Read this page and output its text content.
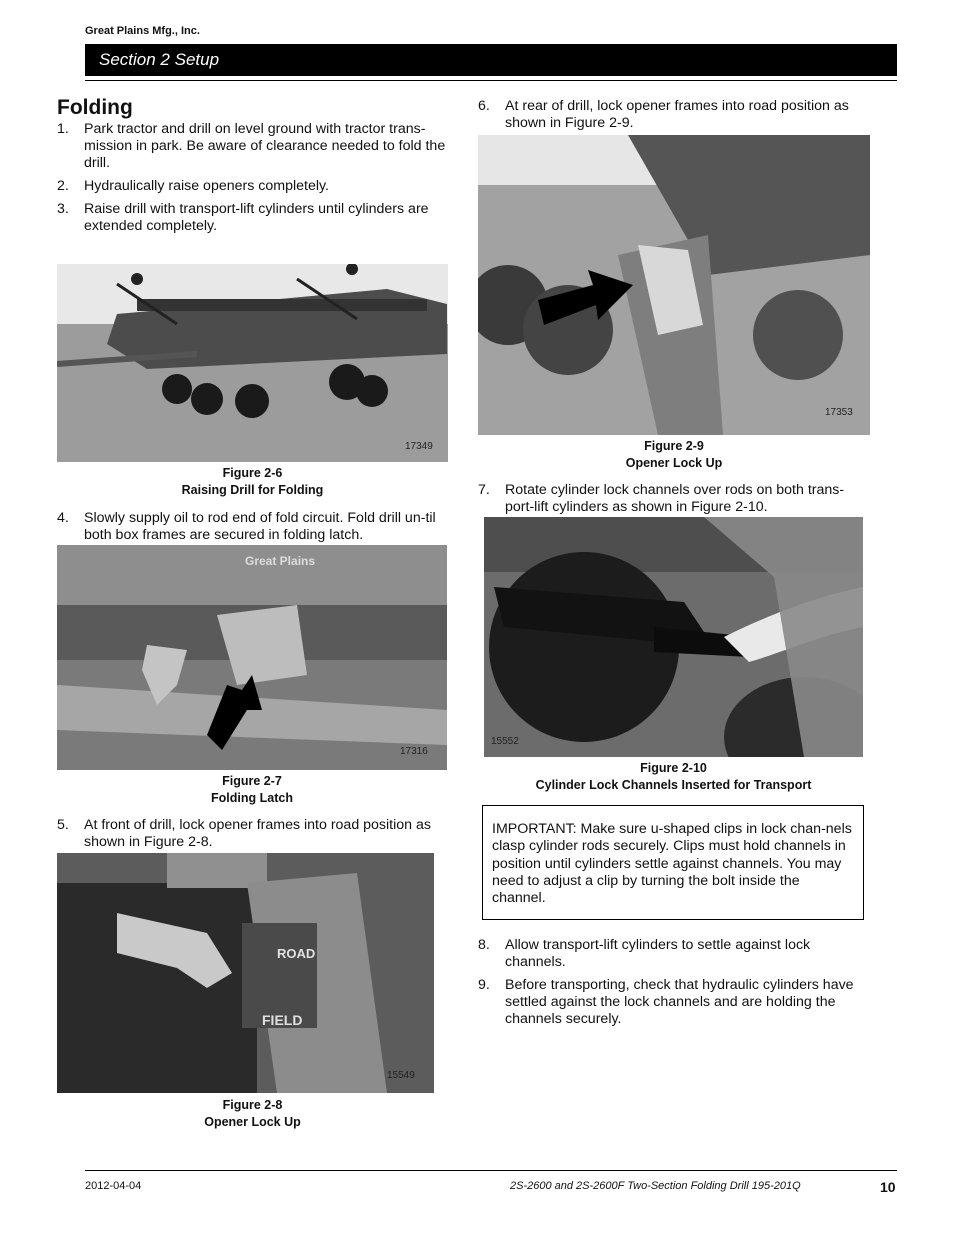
Great Plains Mfg., Inc.
Section 2 Setup
Folding
1. Park tractor and drill on level ground with tractor trans-mission in park. Be aware of clearance needed to fold the drill.
2. Hydraulically raise openers completely.
3. Raise drill with transport-lift cylinders until cylinders are extended completely.
17349
Figure 2-6
Raising Drill for Folding
4. Slowly supply oil to rod end of fold circuit. Fold drill un-til both box frames are secured in folding latch.
Great Plains
17316
Figure 2-7
Folding Latch
5. At front of drill, lock opener frames into road position as shown in Figure 2-8.
ROAD
FIELD
15549
Figure 2-8
Opener Lock Up
6. At rear of drill, lock opener frames into road position as shown in Figure 2-9.
17353
Figure 2-9
Opener Lock Up
7. Rotate cylinder lock channels over rods on both trans-port-lift cylinders as shown in Figure 2-10.
15552
Figure 2-10
Cylinder Lock Channels Inserted for Transport
IMPORTANT: Make sure u-shaped clips in lock chan-nels clasp cylinder rods securely. Clips must hold channels in position until cylinders settle against channels. You may need to adjust a clip by turning the bolt inside the channel.
8. Allow transport-lift cylinders to settle against lock channels.
9. Before transporting, check that hydraulic cylinders have settled against the lock channels and are holding the channels securely.
2012-04-04	2S-2600 and 2S-2600F Two-Section Folding Drill 195-201Q	10
